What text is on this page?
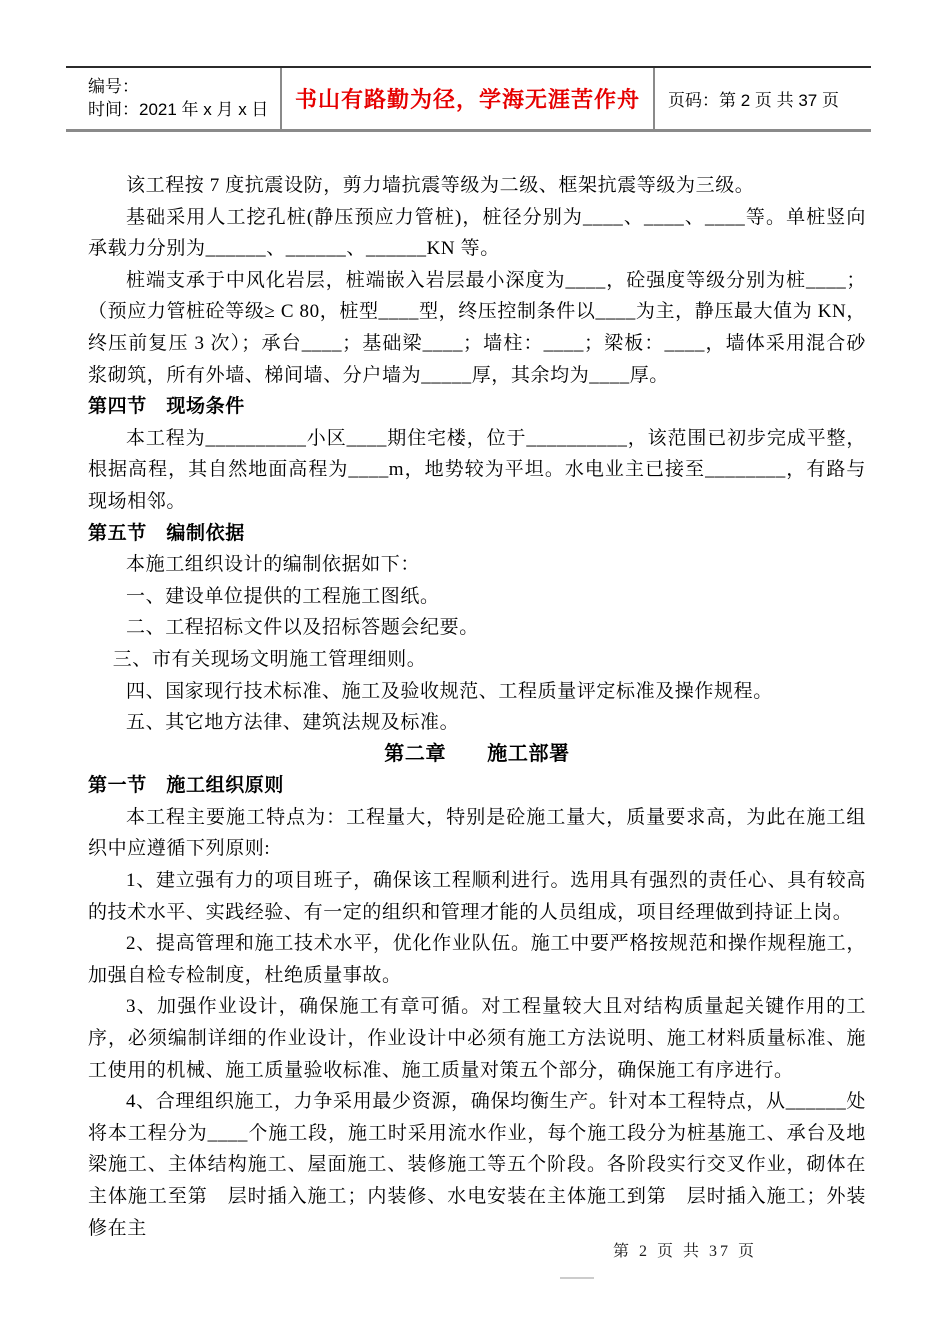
编号：
时间：2021 年 x 月 x 日	书山有路勤为径，学海无涯苦作舟 页码：第 2 页 共 37 页
该工程按 7 度抗震设防，剪力墙抗震等级为二级、框架抗震等级为三级。
基础采用人工挖孔桩(静压预应力管桩)，桩径分别为____、____、____等。单桩竖向承载力分别为______、______、______KN 等。
桩端支承于中风化岩层，桩端嵌入岩层最小深度为____，砼强度等级分别为桩____；（预应力管桩砼等级≥ C 80，桩型____型，终压控制条件以____为主，静压最大值为 KN，终压前复压 3 次）；承台____；基础梁____；墙柱：____；梁板：____，墙体采用混合砂浆砌筑，所有外墙、梯间墙、分户墙为_____厚，其余均为____厚。
第四节　现场条件
本工程为__________小区____期住宅楼，位于__________，该范围已初步完成平整，根据高程，其自然地面高程为____m，地势较为平坦。水电业主已接至________，有路与现场相邻。
第五节　编制依据
本施工组织设计的编制依据如下：
一、建设单位提供的工程施工图纸。
二、工程招标文件以及招标答题会纪要。
三、市有关现场文明施工管理细则。
四、国家现行技术标准、施工及验收规范、工程质量评定标准及操作规程。
五、其它地方法律、建筑法规及标准。
第二章　　施工部署
第一节　施工组织原则
本工程主要施工特点为：工程量大，特别是砼施工量大，质量要求高，为此在施工组织中应遵循下列原则:
1、建立强有力的项目班子，确保该工程顺利进行。选用具有强烈的责任心、具有较高的技术水平、实践经验、有一定的组织和管理才能的人员组成，项目经理做到持证上岗。
2、提高管理和施工技术水平，优化作业队伍。施工中要严格按规范和操作规程施工，加强自检专检制度，杜绝质量事故。
3、加强作业设计，确保施工有章可循。对工程量较大且对结构质量起关键作用的工序，必须编制详细的作业设计，作业设计中必须有施工方法说明、施工材料质量标准、施工使用的机械、施工质量验收标准、施工质量对策五个部分，确保施工有序进行。
4、合理组织施工，力争采用最少资源，确保均衡生产。针对本工程特点，从______处将本工程分为____个施工段，施工时采用流水作业，每个施工段分为桩基施工、承台及地梁施工、主体结构施工、屋面施工、装修施工等五个阶段。各阶段实行交叉作业，砌体在主体施工至第　层时插入施工；内装修、水电安装在主体施工到第　层时插入施工；外装修在主
第 2 页 共 37 页
